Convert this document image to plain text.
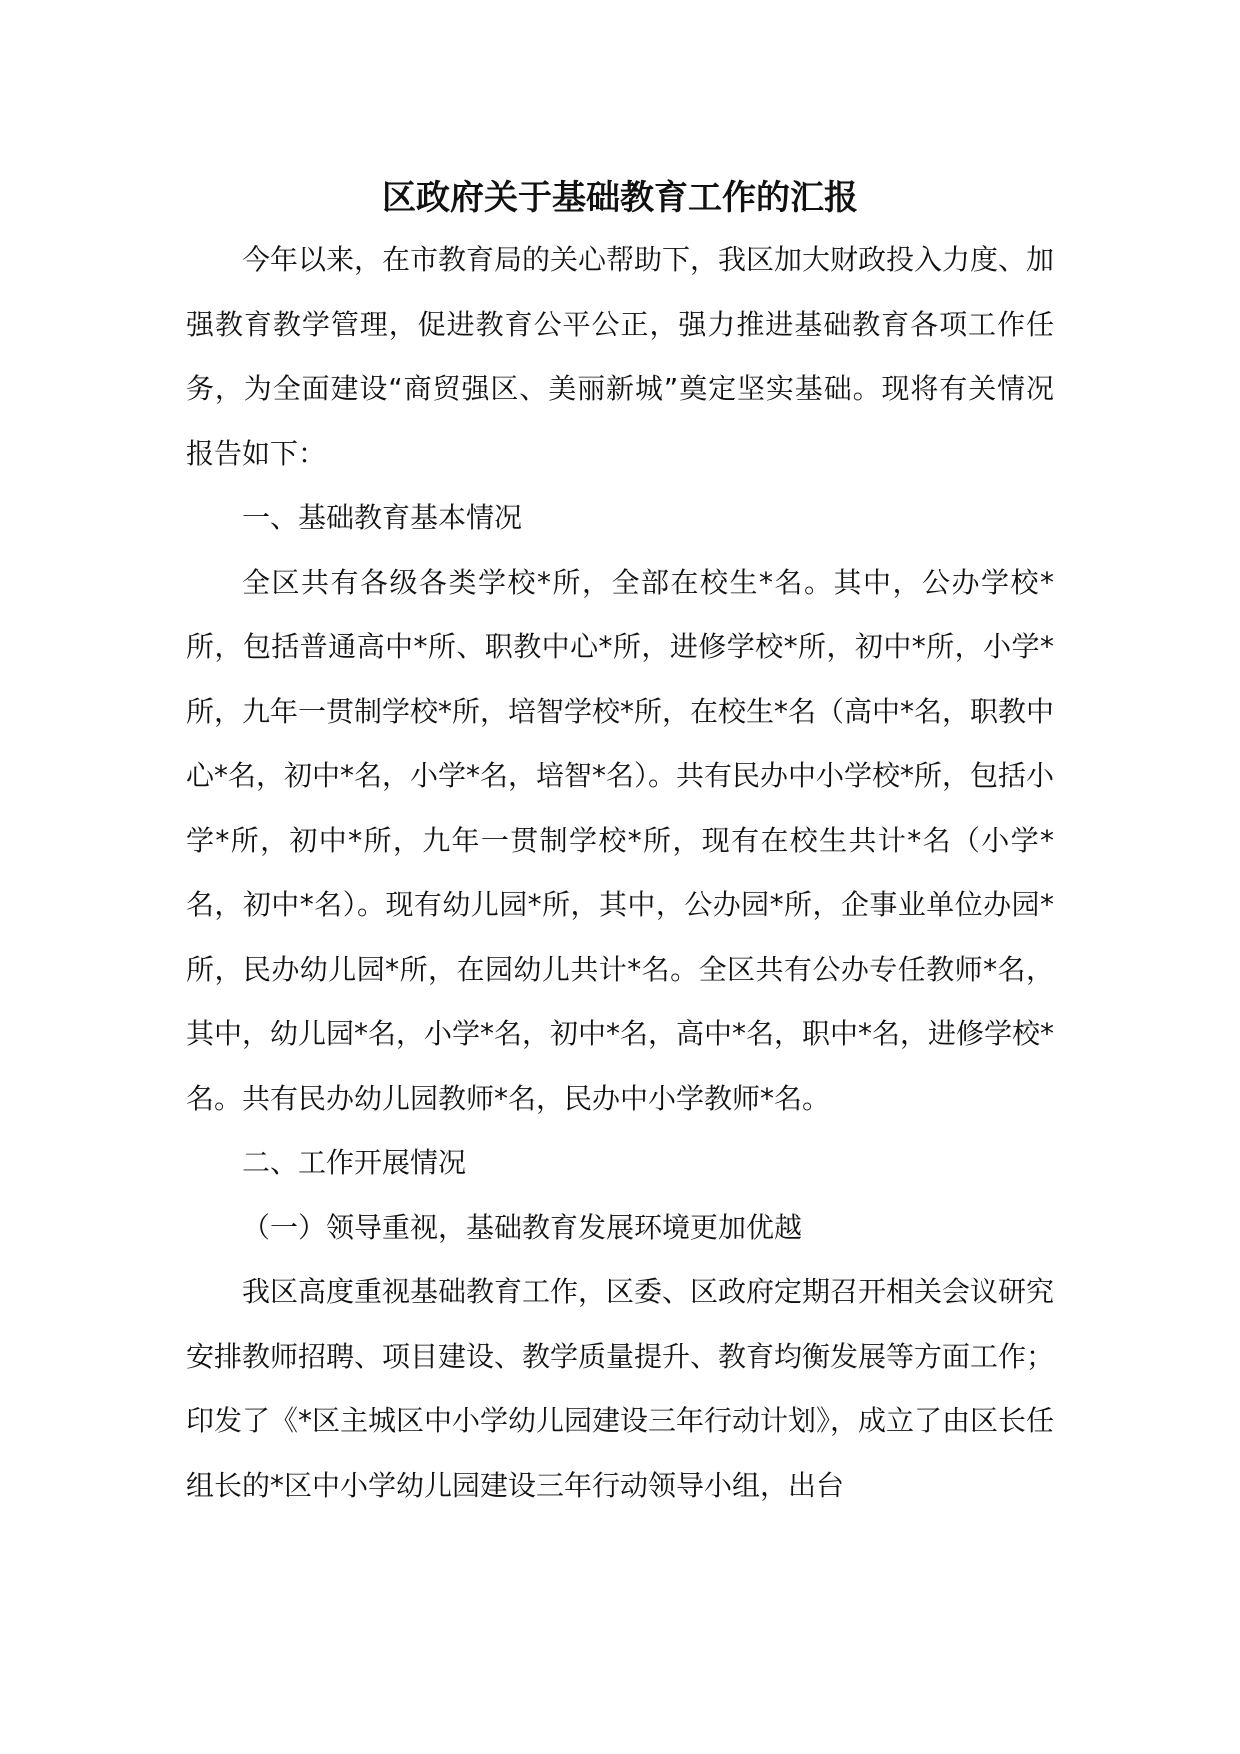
区政府关于基础教育工作的汇报

今年以来，在市教育局的关心帮助下，我区加大财政投入力度、加强教育教学管理，促进教育公平公正，强力推进基础教育各项工作任务，为全面建设“商贸强区、美丽新城”奠定坚实基础。现将有关情况报告如下：

一、基础教育基本情况

全区共有各级各类学校*所，全部在校生*名。其中，公办学校*所，包括普通高中*所、职教中心*所，进修学校*所，初中*所，小学*所，九年一贯制学校*所，培智学校*所，在校生*名（高中*名，职教中心*名，初中*名，小学*名，培智*名）。共有民办中小学校*所，包括小学*所，初中*所，九年一贯制学校*所，现有在校生共计*名（小学*名，初中*名）。现有幼儿园*所，其中，公办园*所，企事业单位办园*所，民办幼儿园*所，在园幼儿共计*名。全区共有公办专任教师*名，其中，幼儿园*名，小学*名，初中*名，高中*名，职中*名，进修学校*名。共有民办幼儿园教师*名，民办中小学教师*名。

二、工作开展情况

（一）领导重视，基础教育发展环境更加优越

我区高度重视基础教育工作，区委、区政府定期召开相关会议研究安排教师招聘、项目建设、教学质量提升、教育均衡发展等方面工作；印发了《*区主城区中小学幼儿园建设三年行动计划》，成立了由区长任组长的*区中小学幼儿园建设三年行动领导小组，出台
